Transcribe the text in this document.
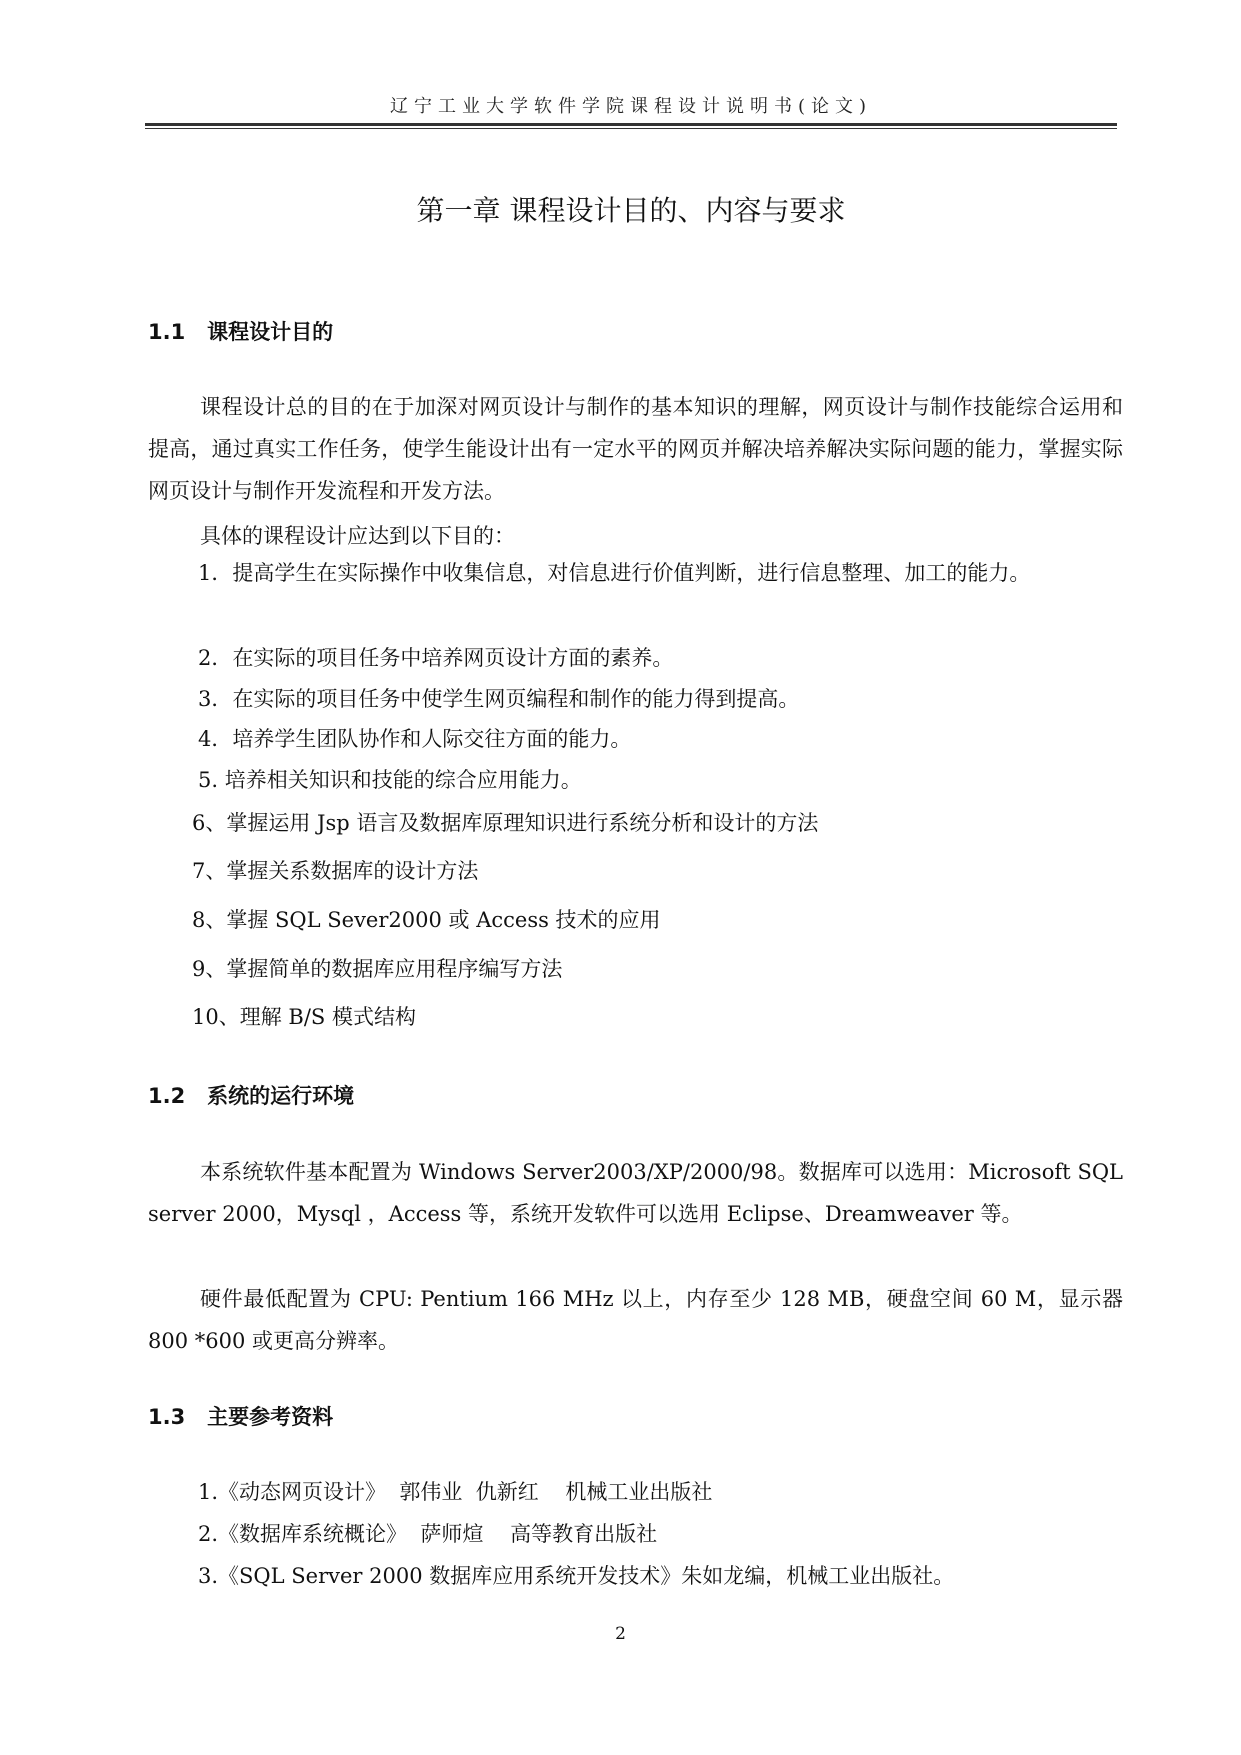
辽宁工业大学软件学院课程设计说明书(论文)
第一章 课程设计目的、内容与要求
1.1   课程设计目的

课程设计总的目的在于加深对网页设计与制作的基本知识的理解，网页设计与制作技能综合运用和提高，通过真实工作任务，使学生能设计出有一定水平的网页并解决培养解决实际问题的能力，掌握实际网页设计与制作开发流程和开发方法。

具体的课程设计应达到以下目的：

1．提高学生在实际操作中收集信息，对信息进行价值判断，进行信息整理、加工的能力。

2．在实际的项目任务中培养网页设计方面的素养。
3．在实际的项目任务中使学生网页编程和制作的能力得到提高。
4．培养学生团队协作和人际交往方面的能力。
5. 培养相关知识和技能的综合应用能力。
6、掌握运用 Jsp 语言及数据库原理知识进行系统分析和设计的方法
7、掌握关系数据库的设计方法
8、掌握 SQL Sever2000 或 Access 技术的应用
9、掌握简单的数据库应用程序编写方法
10、理解 B/S 模式结构
1.2   系统的运行环境

本系统软件基本配置为 Windows Server2003/XP/2000/98。数据库可以选用：Microsoft SQL server 2000，Mysql ，Access 等，系统开发软件可以选用 Eclipse、Dreamweaver 等。

硬件最低配置为 CPU: Pentium 166 MHz 以上，内存至少 128 MB，硬盘空间 60 M，显示器 800 *600 或更高分辨率。

1.3   主要参考资料
1.《动态网页设计》  郭伟业  仇新红    机械工业出版社
2.《数据库系统概论》  萨师煊    高等教育出版社
3.《SQL Server 2000 数据库应用系统开发技术》朱如龙编，机械工业出版社。
2
